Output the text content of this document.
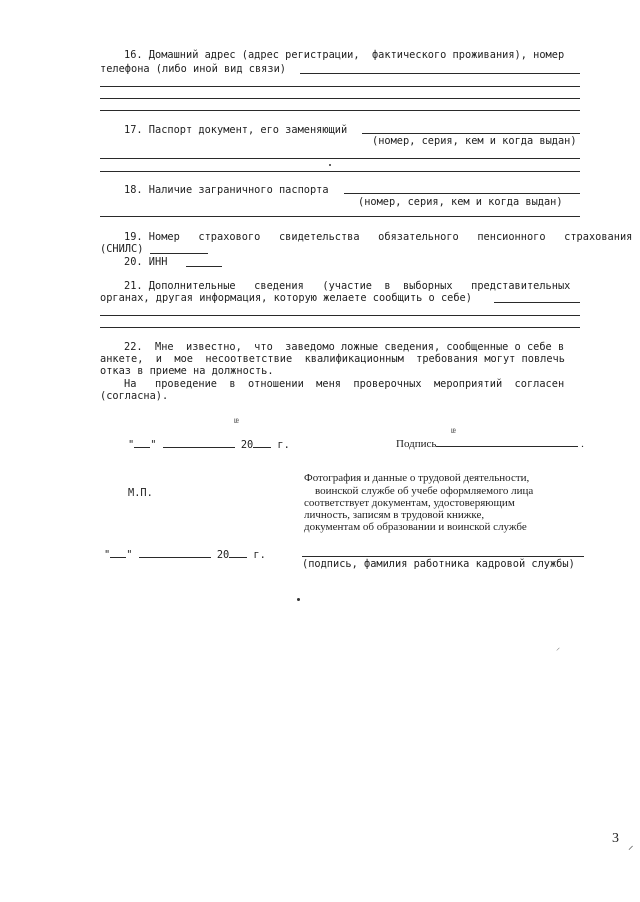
16. Домашний адрес (адрес регистрации,  фактического проживания), номер
телефона (либо иной вид связи)
17. Паспорт документ, его заменяющий
(номер, серия, кем и когда выдан)
18. Наличие заграничного паспорта
(номер, серия, кем и когда выдан)
19. Номер   страхового   свидетельства   обязательного   пенсионного   страхования
(СНИЛС)
20. ИНН
21. Дополнительные   сведения   (участие  в  выборных   представительных
органах, другая информация, которую желаете сообщить о себе)
22.  Мне  известно,  что  заведомо ложные сведения, сообщенные о себе в
анкете,  и  мое  несоответствие  квалификационным  требования могут повлечь
отказ в приеме на должность.
На   проведение  в  отношении  меня  проверочных  мероприятий  согласен
(согласна).
" "	20 г.	Подпись	.
М.П.
Фотография и данные о трудовой деятельности,
воинской службе об учебе оформляемого лица
соответствует документам, удостоверяющим
личность, записям в трудовой книжке,
документам об образовании и воинской службе
" "	20 г.
(подпись, фамилия работника кадровой службы)
ᵫ
ᵫ
⸝
3 ⸝
